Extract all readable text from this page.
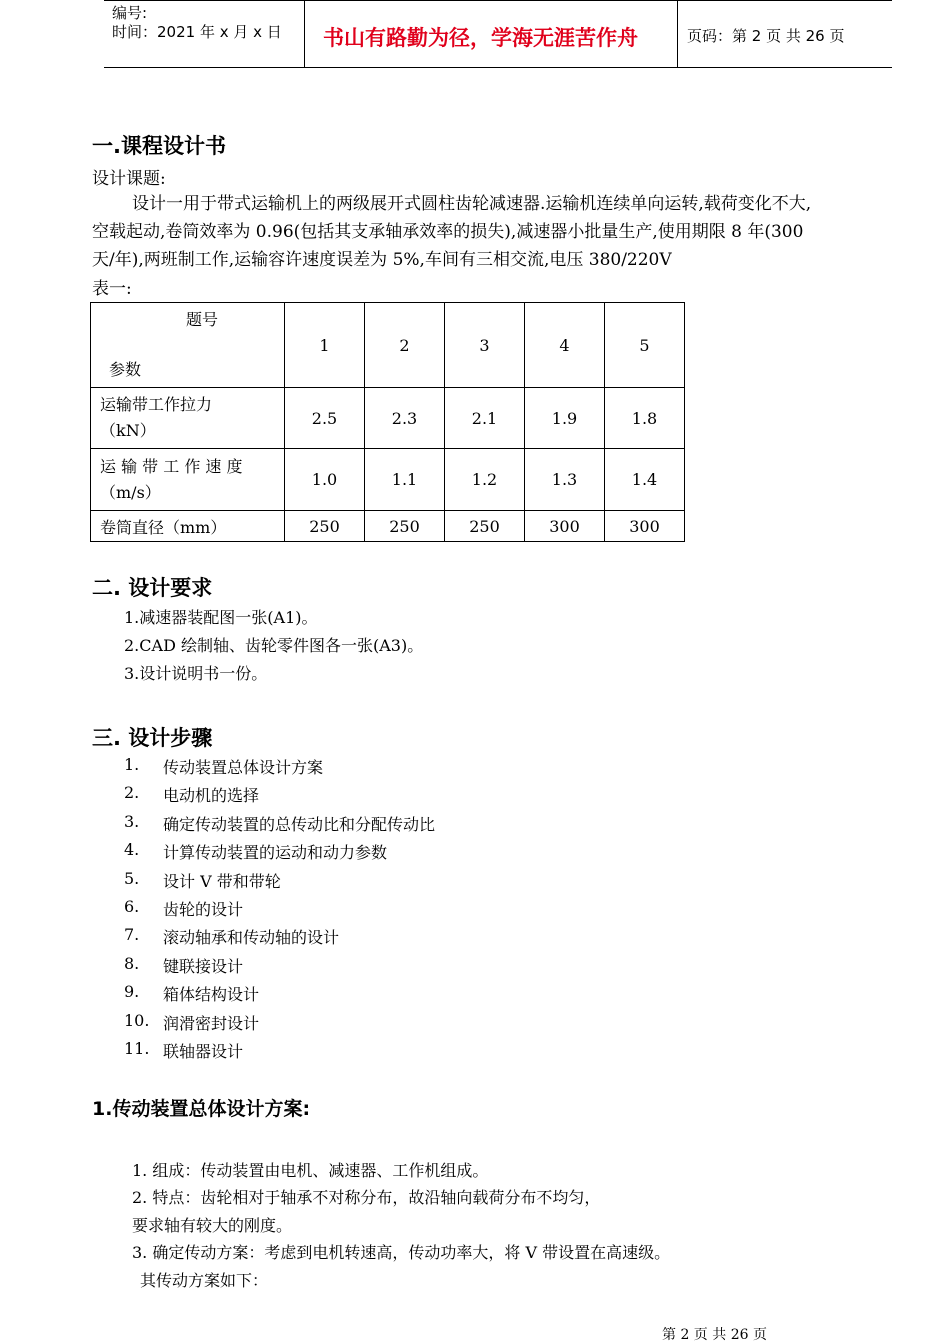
编号:
时间：2021 年 x 月 x 日 书山有路勤为径，学海无涯苦作舟	页码：第 2 页 共 26 页
一.课程设计书
设计课题:
设计一用于带式运输机上的两级展开式圆柱齿轮减速器.运输机连续单向运转,载荷变化不大,
空载起动,卷筒效率为 0.96(包括其支承轴承效率的损失),减速器小批量生产,使用期限 8 年(300
天/年),两班制工作,运输容许速度误差为 5%,车间有三相交流,电压 380/220V
表一:
题号
参数	1	2	3	4	5

运输带工作拉力
（kN）	2.5	2.3	2.1	1.9	1.8

运 输 带 工 作 速 度
（m/s）	1.0	1.1	1.2	1.3	1.4
卷筒直径（mm）	250	250	250	300	300
二. 设计要求
1.减速器装配图一张(A1)。
2.CAD 绘制轴、齿轮零件图各一张(A3)。
3.设计说明书一份。
三. 设计步骤
1. 传动装置总体设计方案
2. 电动机的选择
3. 确定传动装置的总传动比和分配传动比
4. 计算传动装置的运动和动力参数
5. 设计 V 带和带轮
6. 齿轮的设计
7. 滚动轴承和传动轴的设计
8. 键联接设计
9. 箱体结构设计
10. 润滑密封设计
11. 联轴器设计
1.传动装置总体设计方案:
1. 组成：传动装置由电机、减速器、工作机组成。
2. 特点：齿轮相对于轴承不对称分布，故沿轴向载荷分布不均匀，
要求轴有较大的刚度。
3. 确定传动方案：考虑到电机转速高，传动功率大，将 V 带设置在高速级。
其传动方案如下：
第 2 页 共 26 页
